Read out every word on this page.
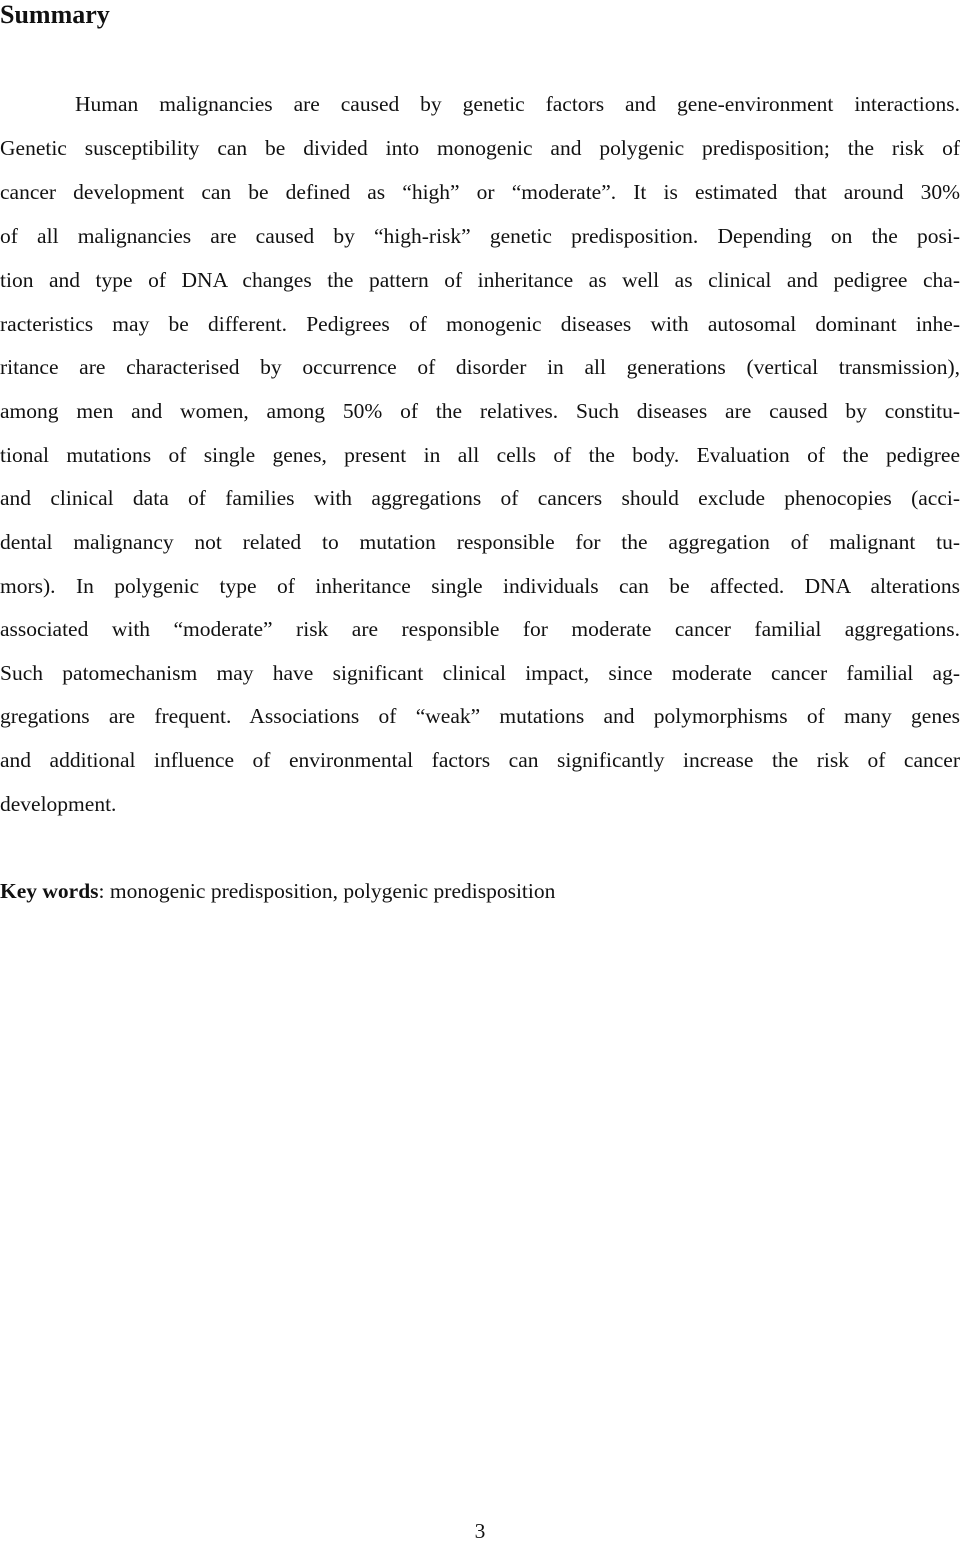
Summary
Human malignancies are caused by genetic factors and gene-environment interactions.
Genetic susceptibility can be divided into monogenic and polygenic predisposition; the risk of
cancer development can be defined as “high” or “moderate”. It is estimated that around 30%
of all malignancies are caused by “high-risk” genetic predisposition. Depending on the posi-
tion and type of DNA changes the pattern of inheritance as well as clinical and pedigree cha-
racteristics may be different. Pedigrees of monogenic diseases with autosomal dominant inhe-
ritance are characterised by occurrence of disorder in all generations (vertical transmission),
among men and women, among 50% of the relatives. Such diseases are caused by constitu-
tional mutations of single genes, present in all cells of the body. Evaluation of the pedigree
and clinical data of families with aggregations of cancers should exclude phenocopies (acci-
dental malignancy not related to mutation responsible for the aggregation of malignant tu-
mors). In polygenic type of inheritance single individuals can be affected. DNA alterations
associated with “moderate” risk are responsible for moderate cancer familial aggregations.
Such patomechanism may have significant clinical impact, since moderate cancer familial ag-
gregations are frequent. Associations of “weak” mutations and polymorphisms of many genes
and additional influence of environmental factors can significantly increase the risk of cancer
development.
Key words: monogenic predisposition, polygenic predisposition
3
